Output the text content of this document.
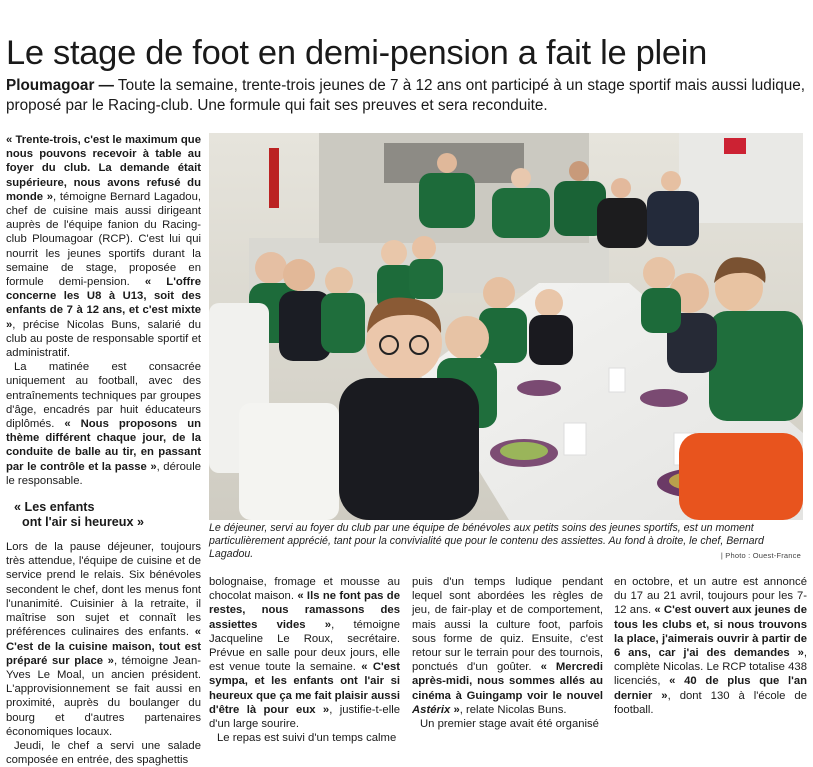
Le stage de foot en demi-pension a fait le plein
Ploumagoar — Toute la semaine, trente-trois jeunes de 7 à 12 ans ont participé à un stage sportif mais aussi ludique, proposé par le Racing-club. Une formule qui fait ses preuves et sera reconduite.

« Trente-trois, c'est le maximum que nous pouvons recevoir à table au foyer du club. La demande était supérieure, nous avons refusé du monde », témoigne Bernard Lagadou, chef de cuisine mais aussi dirigeant auprès de l'équipe fanion du Racing-club Ploumagoar (RCP). C'est lui qui nourrit les jeunes sportifs durant la semaine de stage, proposée en formule demi-pension. « L'offre concerne les U8 à U13, soit des enfants de 7 à 12 ans, et c'est mixte », précise Nicolas Buns, salarié du club au poste de responsable sportif et administratif.

La matinée est consacrée uniquement au football, avec des entraînements techniques par groupes d'âge, encadrés par huit éducateurs diplômés. « Nous proposons un thème différent chaque jour, de la conduite de balle au tir, en passant par le contrôle et la passe », déroule le responsable.

« Les enfants
ont l'air si heureux »

Lors de la pause déjeuner, toujours très attendue, l'équipe de cuisine et de service prend le relais. Six bénévoles secondent le chef, dont les menus font l'unanimité. Cuisinier à la retraite, il maîtrise son sujet et connaît les préférences culinaires des enfants. « C'est de la cuisine maison, tout est préparé sur place », témoigne Jean-Yves Le Moal, un ancien président. L'approvisionnement se fait aussi en proximité, auprès du boulanger du bourg et d'autres partenaires économiques locaux.

Jeudi, le chef a servi une salade composée en entrée, des spaghettis

Le déjeuner, servi au foyer du club par une équipe de bénévoles aux petits soins des jeunes sportifs, est un moment particulièrement apprécié, tant pour la convivialité que pour le contenu des assiettes. Au fond à droite, le chef, Bernard Lagadou.	| Photo : Ouest-France

bolognaise, fromage et mousse au chocolat maison. « Ils ne font pas de restes, nous ramassons des assiettes vides », témoigne Jacqueline Le Roux, secrétaire. Prévue en salle pour deux jours, elle est venue toute la semaine. « C'est sympa, et les enfants ont l'air si heureux que ça me fait plaisir aussi d'être là pour eux », justifie-t-elle d'un large sourire.

Le repas est suivi d'un temps calme

puis d'un temps ludique pendant lequel sont abordées les règles de jeu, de fair-play et de comportement, mais aussi la culture foot, parfois sous forme de quiz. Ensuite, c'est retour sur le terrain pour des tournois, ponctués d'un goûter. « Mercredi après-midi, nous sommes allés au cinéma à Guingamp voir le nouvel Astérix », relate Nicolas Buns.

Un premier stage avait été organisé

en octobre, et un autre est annoncé du 17 au 21 avril, toujours pour les 7-12 ans. « C'est ouvert aux jeunes de tous les clubs et, si nous trouvons la place, j'aimerais ouvrir à partir de 6 ans, car j'ai des demandes », complète Nicolas. Le RCP totalise 438 licenciés, « 40 de plus que l'an dernier », dont 130 à l'école de football.
